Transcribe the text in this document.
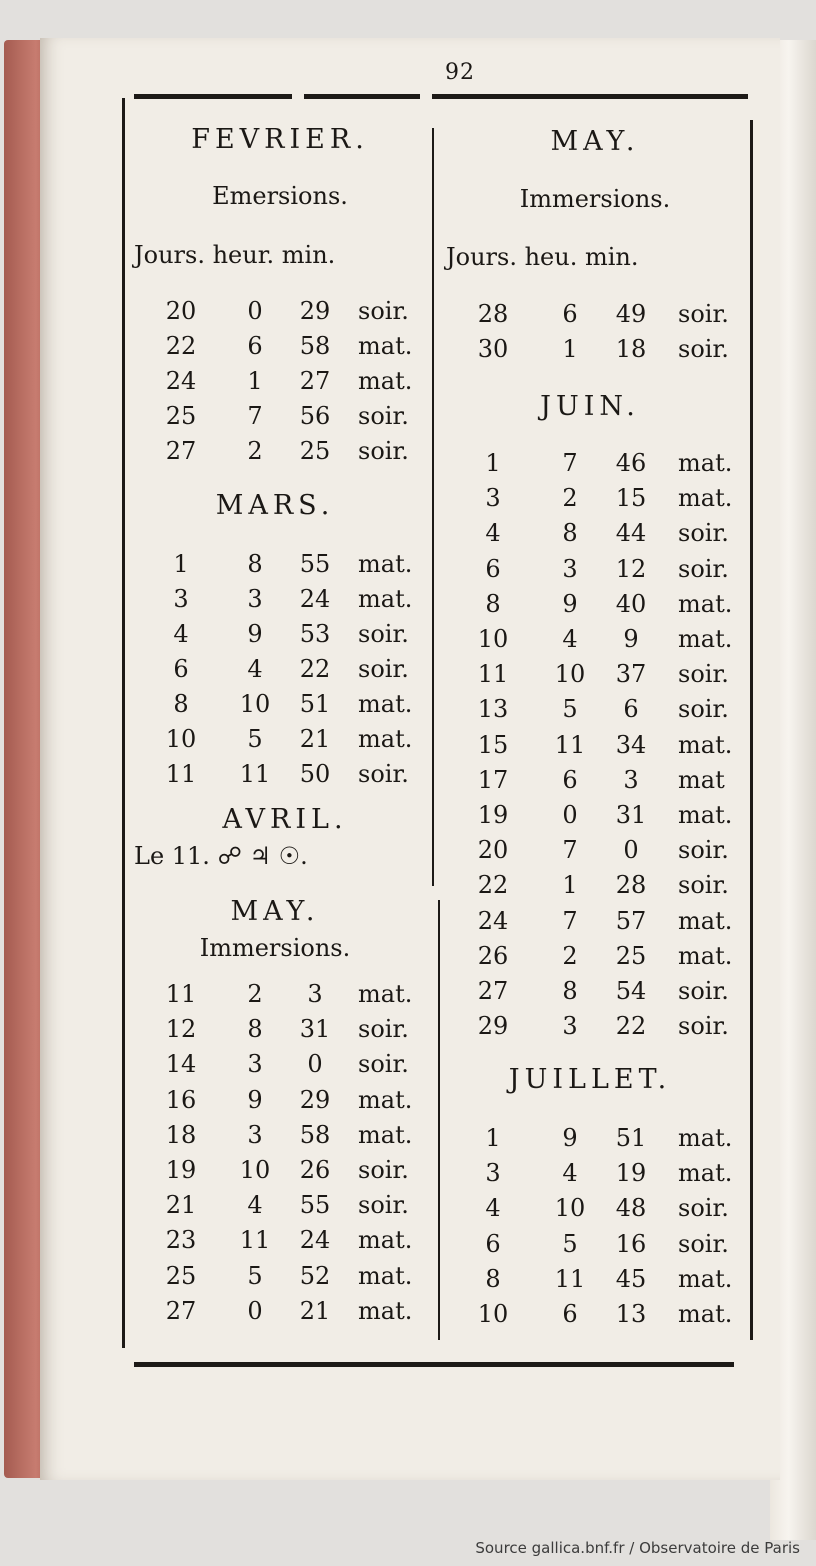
92
FEVRIER.
Emersions.
Jours. heur. min.
20	0	29	soir.
22	6	58	mat.
24	1	27	mat.
25	7	56	soir.
27	2	25	soir.
MARS.
1	8	55	mat.
3	3	24	mat.
4	9	53	soir.
6	4	22	soir.
8	10	51	mat.
10	5	21	mat.
11	11	50	soir.
AVRIL.
Le 11. ☍ ♃ ☉.
MAY.
Immersions.
11	2	3	mat.
12	8	31	soir.
14	3	0	soir.
16	9	29	mat.
18	3	58	mat.
19	10	26	soir.
21	4	55	soir.
23	11	24	mat.
25	5	52	mat.
27	0	21	mat.
MAY.
Immersions.
Jours. heu. min.
28	6	49	soir.
30	1	18	soir.
JUIN.
1	7	46	mat.
3	2	15	mat.
4	8	44	soir.
6	3	12	soir.
8	9	40	mat.
10	4	9	mat.
11	10	37	soir.
13	5	6	soir.
15	11	34	mat.
17	6	3	mat
19	0	31	mat.
20	7	0	soir.
22	1	28	soir.
24	7	57	mat.
26	2	25	mat.
27	8	54	soir.
29	3	22	soir.
JUILLET.
1	9	51	mat.
3	4	19	mat.
4	10	48	soir.
6	5	16	soir.
8	11	45	mat.
10	6	13	mat.
Source gallica.bnf.fr / Observatoire de Paris
